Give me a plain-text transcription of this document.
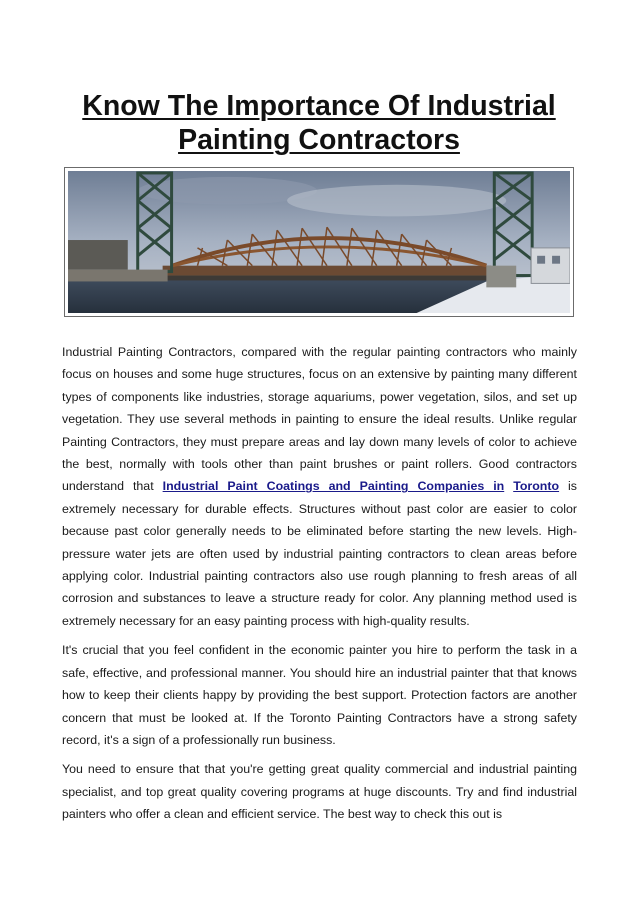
Know The Importance Of Industrial
Painting Contractors

Industrial Painting Contractors, compared with the regular painting contractors who mainly focus on houses and some huge structures, focus on an extensive by painting many different types of components like industries, storage aquariums, power vegetation, silos, and set up vegetation. They use several methods in painting to ensure the ideal results. Unlike regular Painting Contractors, they must prepare areas and lay down many levels of color to achieve the best, normally with tools other than paint brushes or paint rollers. Good contractors understand that Industrial Paint Coatings and Painting Companies in Toronto is extremely necessary for durable effects. Structures without past color are easier to color because past color generally needs to be eliminated before starting the new levels. High-pressure water jets are often used by industrial painting contractors to clean areas before applying color. Industrial painting contractors also use rough planning to fresh areas of all corrosion and substances to leave a structure ready for color. Any planning method used is extremely necessary for an easy painting process with high-quality results.

It's crucial that you feel confident in the economic painter you hire to perform the task in a safe, effective, and professional manner. You should hire an industrial painter that that knows how to keep their clients happy by providing the best support. Protection factors are another concern that must be looked at. If the Toronto Painting Contractors have a strong safety record, it's a sign of a professionally run business.

You need to ensure that that you're getting great quality commercial and industrial painting specialist, and top great quality covering programs at huge discounts. Try and find industrial painters who offer a clean and efficient service. The best way to check this out is
